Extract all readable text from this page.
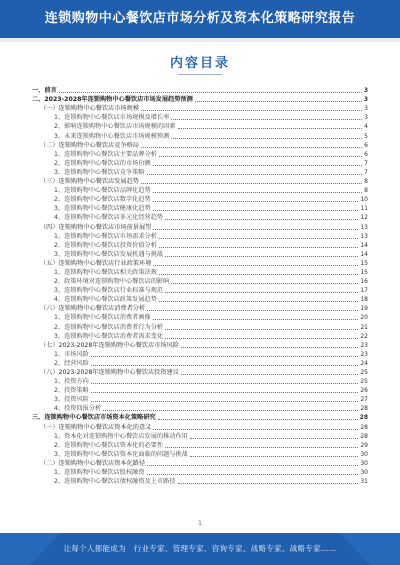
连锁购物中心餐饮店市场分析及资本化策略研究报告
内容目录
一、前言	3
二、2023-2028年连锁购物中心餐饮店市场发展趋势预测	3
（一）连锁购物中心餐饮店市场规模	3
1、连锁购物中心餐饮店市场规模及增长率	3
2、影响连锁购物中心餐饮店市场规模的因素	4
3、未来连锁购物中心餐饮店市场规模预测	5
（二）连锁购物中心餐饮店竞争格局	6
1、连锁购物中心餐饮店主要品牌分析	6
2、连锁购物中心餐饮店的市场份额	7
3、连锁购物中心餐饮店竞争策略	7
（三）连锁购物中心餐饮店发展趋势	8
1、连锁购物中心餐饮店品牌化趋势	8
2、连锁购物中心餐饮店数字化趋势	10
3、连锁购物中心餐饮店健康化趋势	11
4、连锁购物中心餐饮店多元化经营趋势	12
（四）连锁购物中心餐饮店市场前景展望	13
1、连锁购物中心餐饮店市场需求分析	13
2、连锁购物中心餐饮店投资价值分析	14
3、连锁购物中心餐饮店发展机遇与挑战	14
（五）连锁购物中心餐饮店行业政策环境	15
1、连锁购物中心餐饮店相关政策法规	15
2、政策环境对连锁购物中心餐饮店的影响	16
3、连锁购物中心餐饮店行业标准与规范	17
4、连锁购物中心餐饮店政策发展趋势	18
（六）连锁购物中心餐饮店消费者分析	19
1、连锁购物中心餐饮店消费者画像	20
2、连锁购物中心餐饮店消费者行为分析	21
3、连锁购物中心餐饮店消费者需求变化	22
（七）2023-2028年连锁购物中心餐饮店市场风险	23
1、市场风险	23
2、经营风险	24
（八）2023-2028年连锁购物中心餐饮店投资建议	25
1、投资方向	25
2、投资策略	26
3、投资风险	27
4、投资回报分析	28
三、连锁购物中心餐饮店市场资本化策略研究	28
（一）连锁购物中心餐饮店资本化的意义	28
1、资本化对连锁购物中心餐饮店发展的推动作用	28
2、连锁购物中心餐饮店资本化的必要性	29
3、连锁购物中心餐饮店资本化面临的问题与挑战	30
（二）连锁购物中心餐饮店资本化路径	30
1、连锁购物中心餐饮店股权融资	30
2、连锁购物中心餐饮店债权融资及上市路径	31
1
让每个人都能成为　行业专家、管理专家、咨询专家、战略专家、战略专家……
